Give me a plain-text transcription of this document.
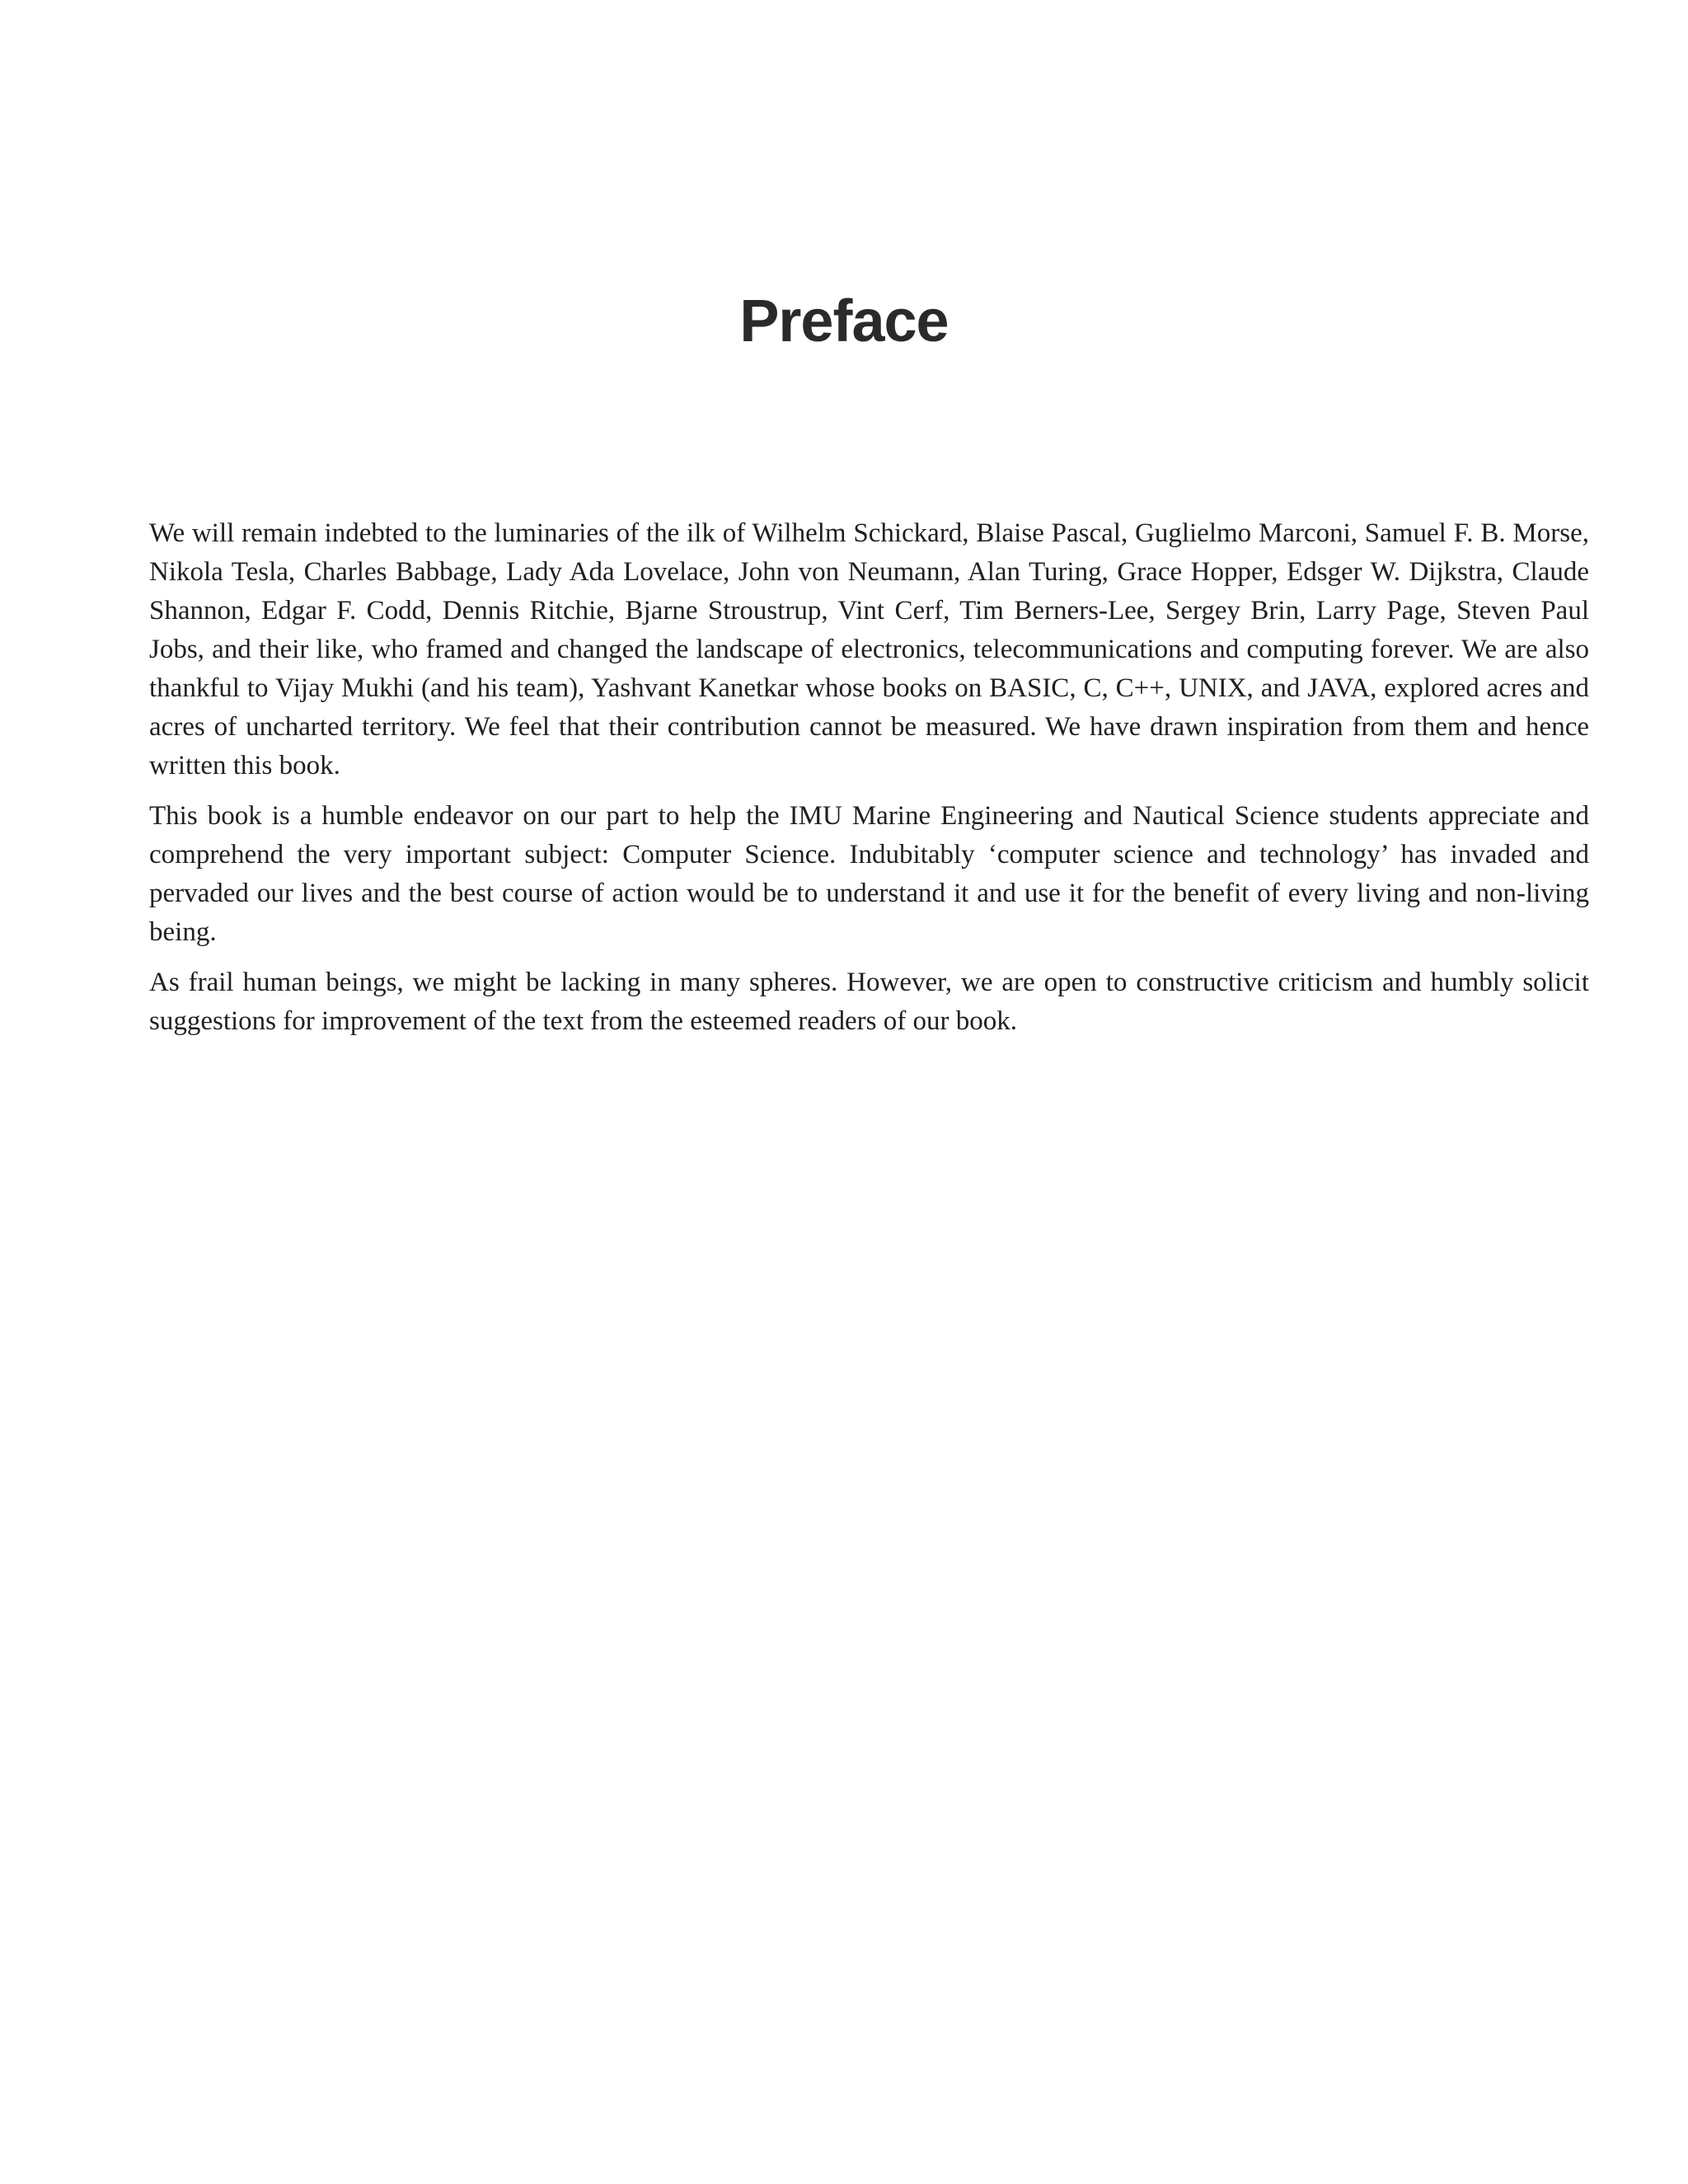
Preface

We will remain indebted to the luminaries of the ilk of Wilhelm Schickard, Blaise Pascal, Guglielmo Marconi, Samuel F. B. Morse, Nikola Tesla, Charles Babbage, Lady Ada Lovelace, John von Neumann, Alan Turing, Grace Hopper, Edsger W. Dijkstra, Claude Shannon, Edgar F. Codd, Dennis Ritchie, Bjarne Stroustrup, Vint Cerf, Tim Berners-Lee, Sergey Brin, Larry Page, Steven Paul Jobs, and their like, who framed and changed the landscape of electronics, telecommunications and computing forever. We are also thankful to Vijay Mukhi (and his team), Yashvant Kanetkar whose books on BASIC, C, C++, UNIX, and JAVA, explored acres and acres of uncharted territory. We feel that their contribution cannot be measured. We have drawn inspiration from them and hence written this book.

This book is a humble endeavor on our part to help the IMU Marine Engineering and Nautical Science students appreciate and comprehend the very important subject: Computer Science. Indubitably ‘computer science and technology’ has invaded and pervaded our lives and the best course of action would be to understand it and use it for the benefit of every living and non-living being.

As frail human beings, we might be lacking in many spheres. However, we are open to constructive criticism and humbly solicit suggestions for improvement of the text from the esteemed readers of our book.
